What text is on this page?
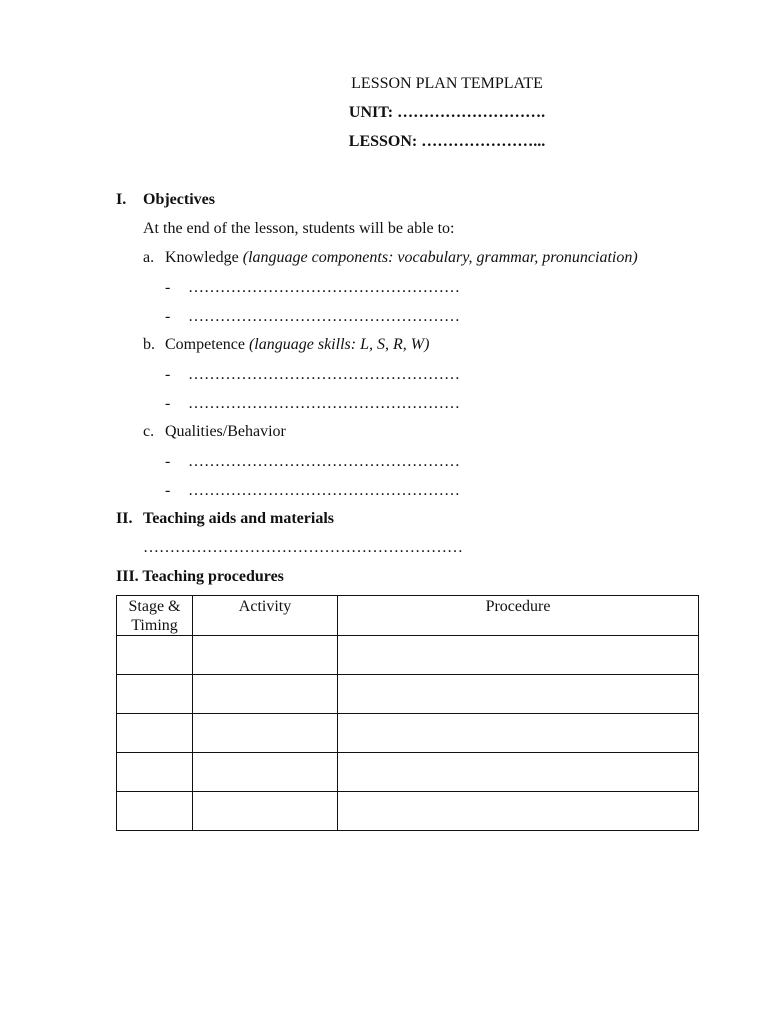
LESSON PLAN TEMPLATE
UNIT: ……………………….
LESSON: …………………...
I. Objectives
At the end of the lesson, students will be able to:
a. Knowledge (language components: vocabulary, grammar, pronunciation)
- ……………………………………………
- ……………………………………………
b. Competence (language skills: L, S, R, W)
- ……………………………………………
- ……………………………………………
c. Qualities/Behavior
- ……………………………………………
- ……………………………………………
II. Teaching aids and materials
……………………………………………………
III. Teaching procedures
Stage &
Timing	Activity	Procedure
